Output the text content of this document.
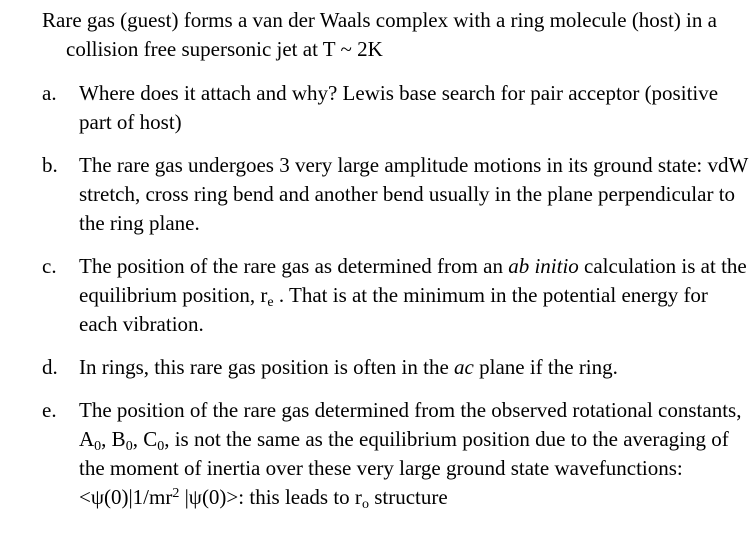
Rare gas (guest) forms a van der Waals complex with a ring molecule (host) in a collision free supersonic jet at T ~ 2K
a. Where does it attach and why? Lewis base search for pair acceptor (positive part of host)
b. The rare gas undergoes 3 very large amplitude motions in its ground state: vdW stretch, cross ring bend and another bend usually in the plane perpendicular to the ring plane.
c. The position of the rare gas as determined from an ab initio calculation is at the equilibrium position, $r_e$ . That is at the minimum in the potential energy for each vibration.
d. In rings, this rare gas position is often in the ac plane if the ring.
e. The position of the rare gas determined from the observed rotational constants, $A_0$, $B_0$, $C_0$, is not the same as the equilibrium position due to the averaging of the moment of inertia over these very large ground state wavefunctions: $<\psi(0)|1/mr^2$ |ψ(0)>: this leads to $r_o$ structure
